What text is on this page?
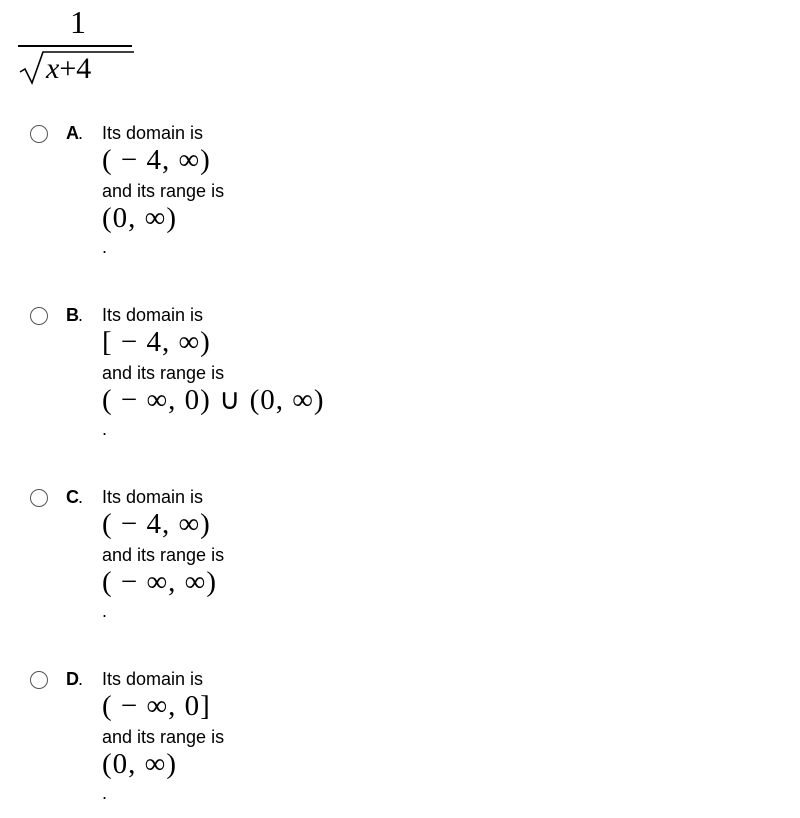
1
x+4
A . Its domain is
( − 4, ∞)
and its range is
(0, ∞)
.
B . Its domain is
[ − 4, ∞)
and its range is
( − ∞, 0) ∪ (0, ∞)
.
C . Its domain is
( − 4, ∞)
and its range is
( − ∞, ∞)
.
D . Its domain is
( − ∞, 0]
and its range is
(0, ∞)
.
